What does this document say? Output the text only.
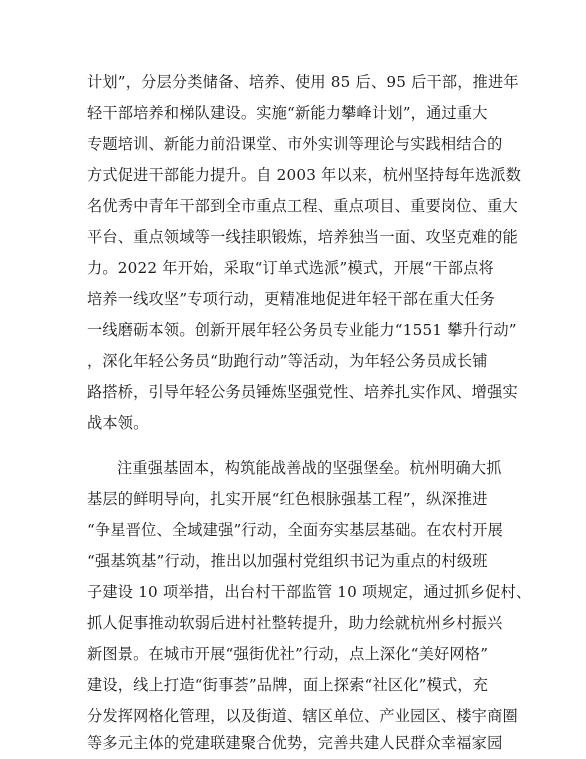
计划”，分层分类储备、培养、使用 85 后、95 后干部，推进年
轻干部培养和梯队建设。实施“新能力攀峰计划”，通过重大
专题培训、新能力前沿课堂、市外实训等理论与实践相结合的
方式促进干部能力提升。自 2003 年以来，杭州坚持每年选派数
名优秀中青年干部到全市重点工程、重点项目、重要岗位、重大
平台、重点领域等一线挂职锻炼，培养独当一面、攻坚克难的能
力。2022 年开始，采取“订单式选派”模式，开展“干部点将
培养一线攻坚”专项行动，更精准地促进年轻干部在重大任务
一线磨砺本领。创新开展年轻公务员专业能力“1551 攀升行动”
，深化年轻公务员“助跑行动”等活动，为年轻公务员成长铺
路搭桥，引导年轻公务员锤炼坚强党性、培养扎实作风、增强实
战本领。
注重强基固本，构筑能战善战的坚强堡垒。杭州明确大抓
基层的鲜明导向，扎实开展“红色根脉强基工程”，纵深推进
“争星晋位、全域建强”行动，全面夯实基层基础。在农村开展
“强基筑基”行动，推出以加强村党组织书记为重点的村级班
子建设 10 项举措，出台村干部监管 10 项规定，通过抓乡促村、
抓人促事推动软弱后进村社整转提升，助力绘就杭州乡村振兴
新图景。在城市开展“强街优社”行动，点上深化“美好网格”
建设，线上打造“街事荟”品牌，面上探索“社区化”模式，充
分发挥网格化管理，以及街道、辖区单位、产业园区、楼宇商圈
等多元主体的党建联建聚合优势，完善共建人民群众幸福家园
